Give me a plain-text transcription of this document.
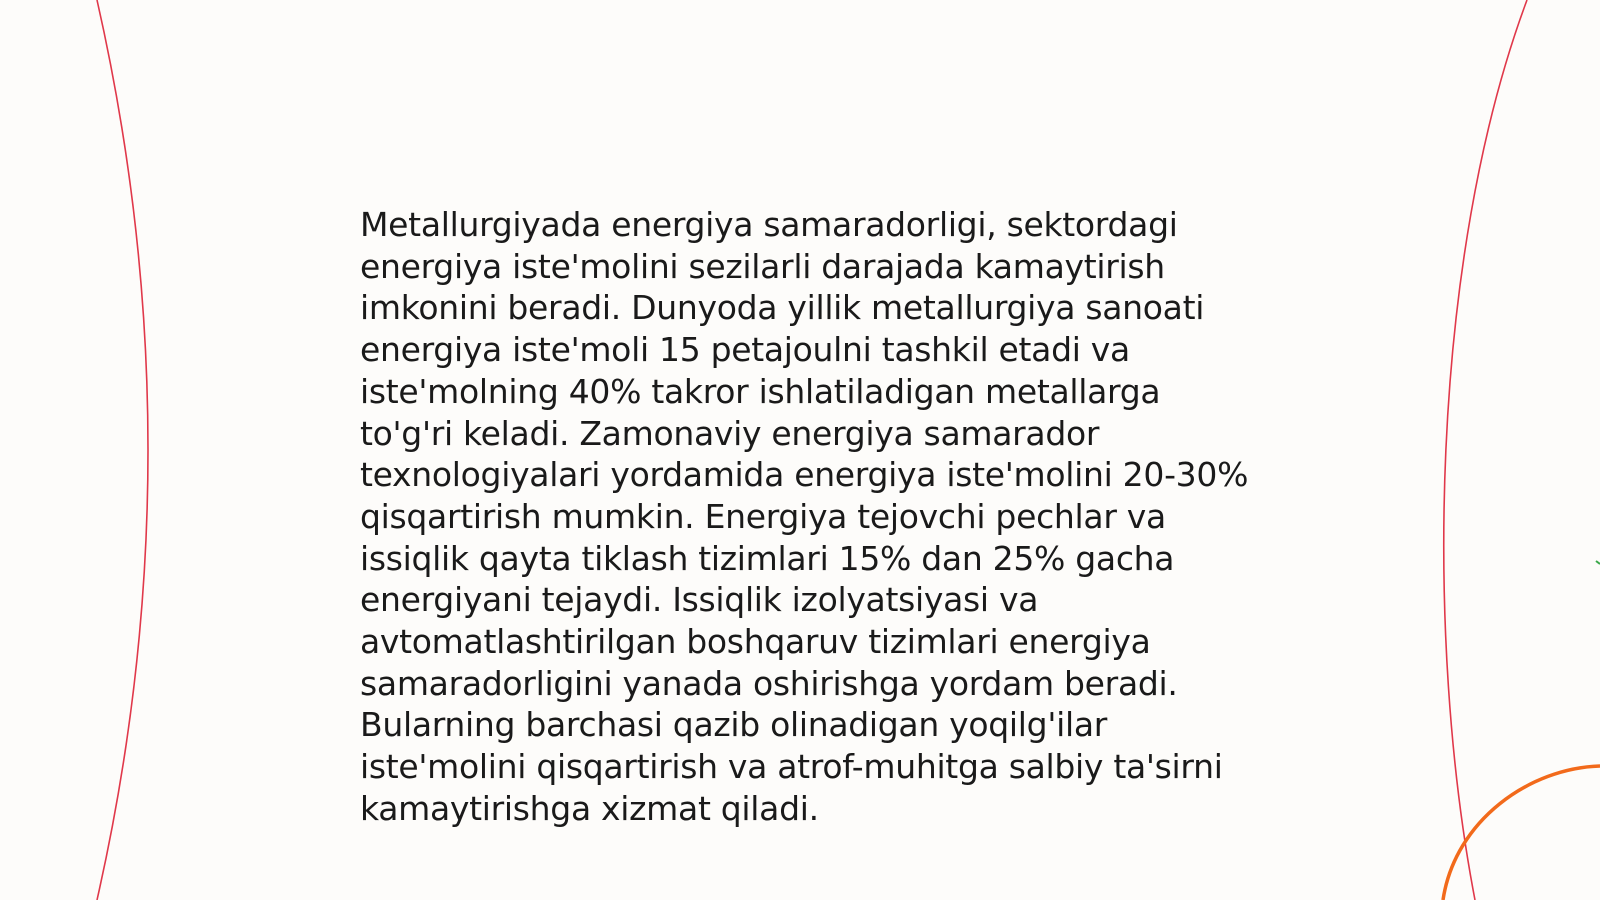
Metallurgiyada energiya samaradorligi, sektordagi
energiya iste'molini sezilarli darajada kamaytirish
imkonini beradi. Dunyoda yillik metallurgiya sanoati
energiya iste'moli 15 petajoulni tashkil etadi va
iste'molning 40% takror ishlatiladigan metallarga
to'g'ri keladi. Zamonaviy energiya samarador
texnologiyalari yordamida energiya iste'molini 20-30%
qisqartirish mumkin. Energiya tejovchi pechlar va
issiqlik qayta tiklash tizimlari 15% dan 25% gacha
energiyani tejaydi. Issiqlik izolyatsiyasi va
avtomatlashtirilgan boshqaruv tizimlari energiya
samaradorligini yanada oshirishga yordam beradi.
Bularning barchasi qazib olinadigan yoqilg'ilar
iste'molini qisqartirish va atrof-muhitga salbiy ta'sirni
kamaytirishga xizmat qiladi.
